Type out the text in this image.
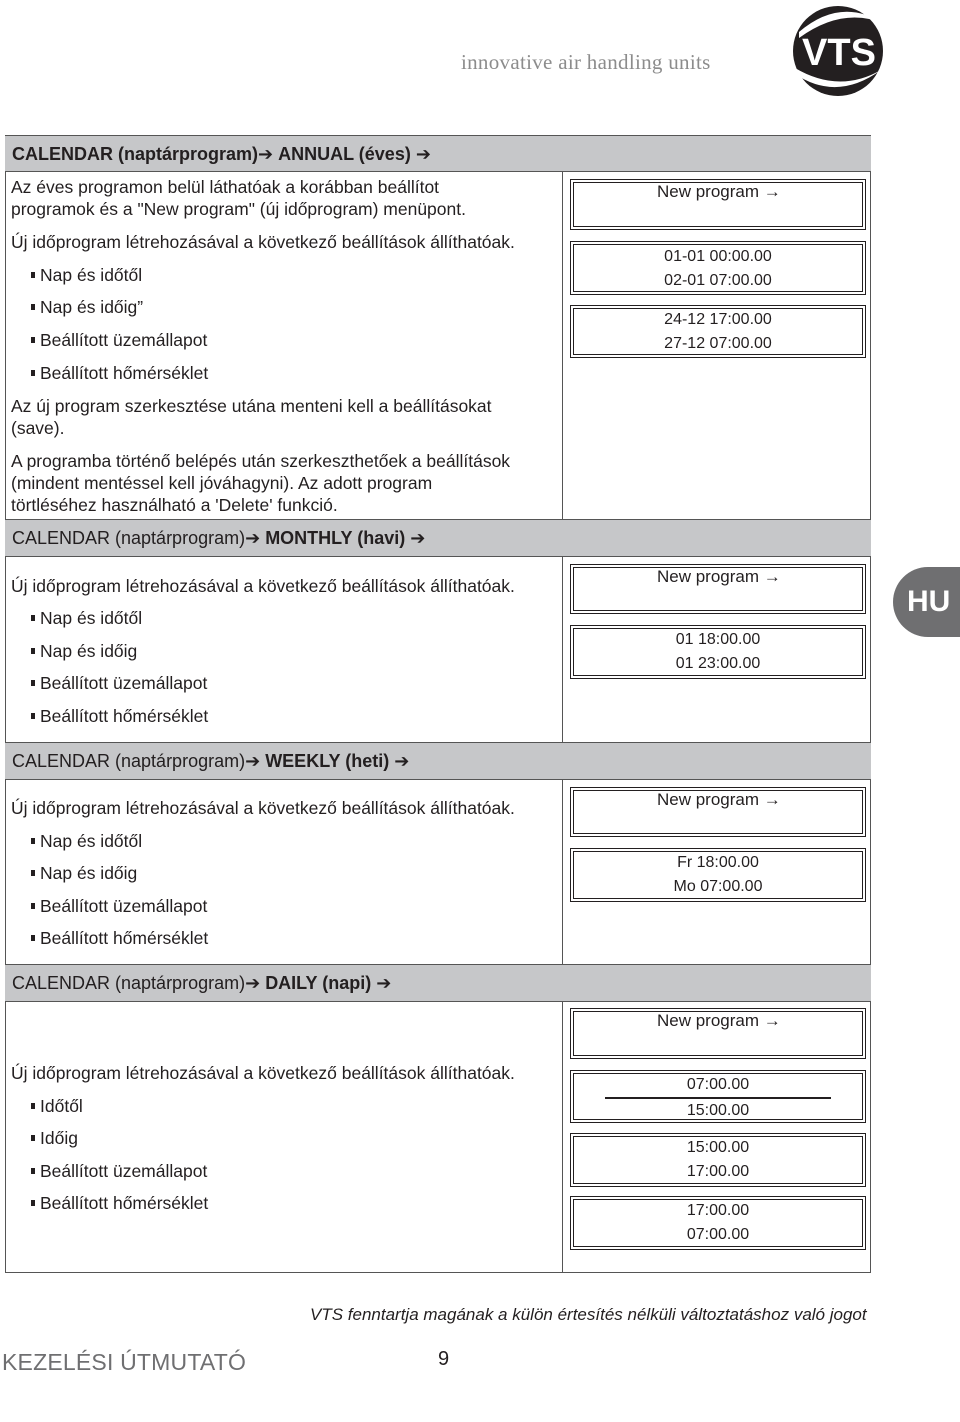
innovative air handling units VTS
CALENDAR (naptárprogram)➔ ANNUAL (éves) ➔
Az éves programon belül láthatóak a korábban beállítot
programok és a "New program" (új időprogram) menüpont.
Új időprogram létrehozásával a következő beállítások állíthatóak.
Nap és időtől
Nap és időig”
Beállított üzemállapot
Beállított hőmérséklet
Az új program szerkesztése utána menteni kell a beállításokat
(save).
A programba történő belépés után szerkeszthetőek a beállítások
(mindent mentéssel kell jóváhagyni). Az adott program
törtléséhez használható a 'Delete' funkció.
New program →
01-01 00:00.00
02-01 07:00.00
24-12 17:00.00
27-12 07:00.00
CALENDAR (naptárprogram)➔ MONTHLY (havi) ➔
Új időprogram létrehozásával a következő beállítások állíthatóak.
Nap és időtől
Nap és időig
Beállított üzemállapot
Beállított hőmérséklet
New program →
01 18:00.00
01 23:00.00
CALENDAR (naptárprogram)➔ WEEKLY (heti) ➔
Új időprogram létrehozásával a következő beállítások állíthatóak.
Nap és időtől
Nap és időig
Beállított üzemállapot
Beállított hőmérséklet
New program →
Fr 18:00.00
Mo 07:00.00
CALENDAR (naptárprogram)➔ DAILY (napi) ➔
Új időprogram létrehozásával a következő beállítások állíthatóak.
Időtől
Időig
Beállított üzemállapot
Beállított hőmérséklet
New program →
07:00.00
15:00.00
15:00.00
17:00.00
17:00.00
07:00.00
HU
VTS fenntartja magának a külön értesítés nélküli változtatáshoz való jogot
KEZELÉSI ÚTMUTATÓ	9
